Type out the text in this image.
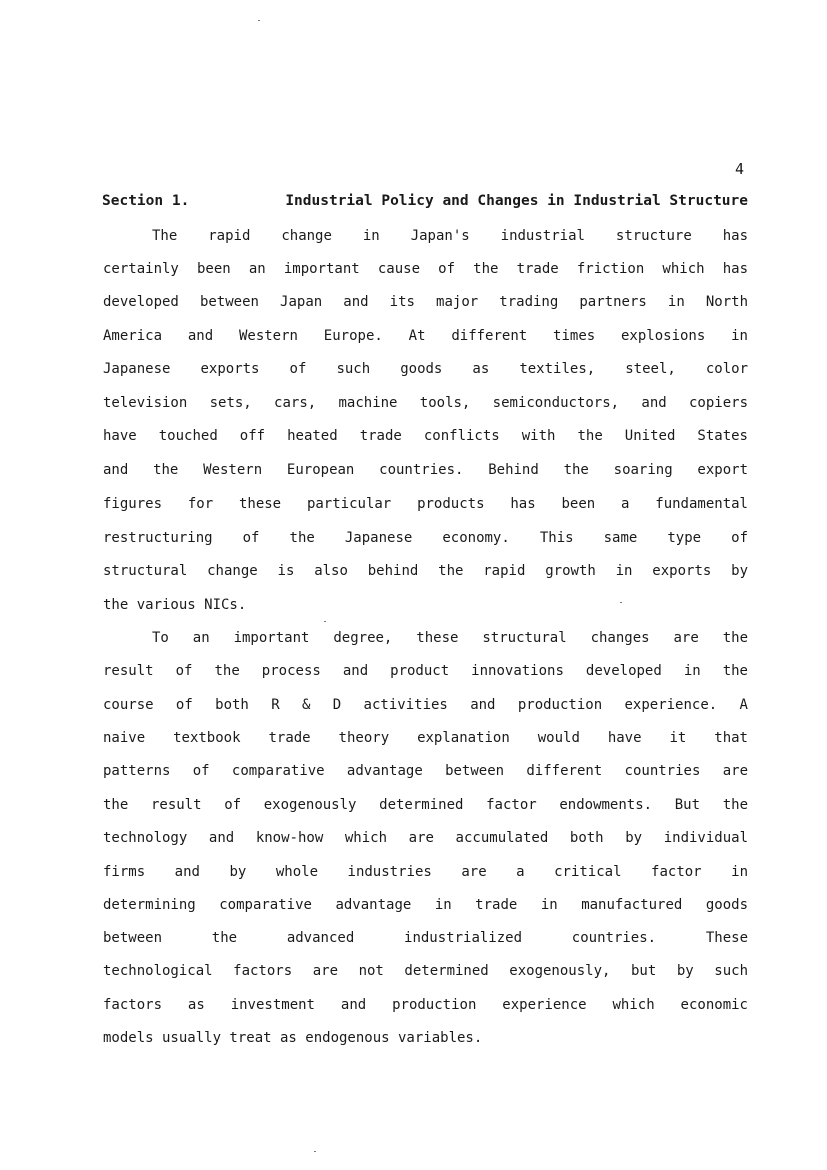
4
Section 1.	Industrial Policy and Changes in Industrial Structure
The rapid change in Japan's industrial structure has
certainly been an important cause of the trade friction which has
developed between Japan and its major trading partners in North
America and Western Europe. At different times explosions in
Japanese exports of such goods as textiles, steel, color
television sets, cars, machine tools, semiconductors, and copiers
have touched off heated trade conflicts with the United States
and the Western European countries. Behind the soaring export
figures for these particular products has been a fundamental
restructuring of the Japanese economy. This same type of
structural change is also behind the rapid growth in exports by
the various NICs.
To an important degree, these structural changes are the
result of the process and product innovations developed in the
course of both R & D activities and production experience. A
naive textbook trade theory explanation would have it that
patterns of comparative advantage between different countries are
the result of exogenously determined factor endowments. But the
technology and know-how which are accumulated both by individual
firms and by whole industries are a critical factor in
determining comparative advantage in trade in manufactured goods
between the advanced industrialized countries. These
technological factors are not determined exogenously, but by such
factors as investment and production experience which economic
models usually treat as endogenous variables.
